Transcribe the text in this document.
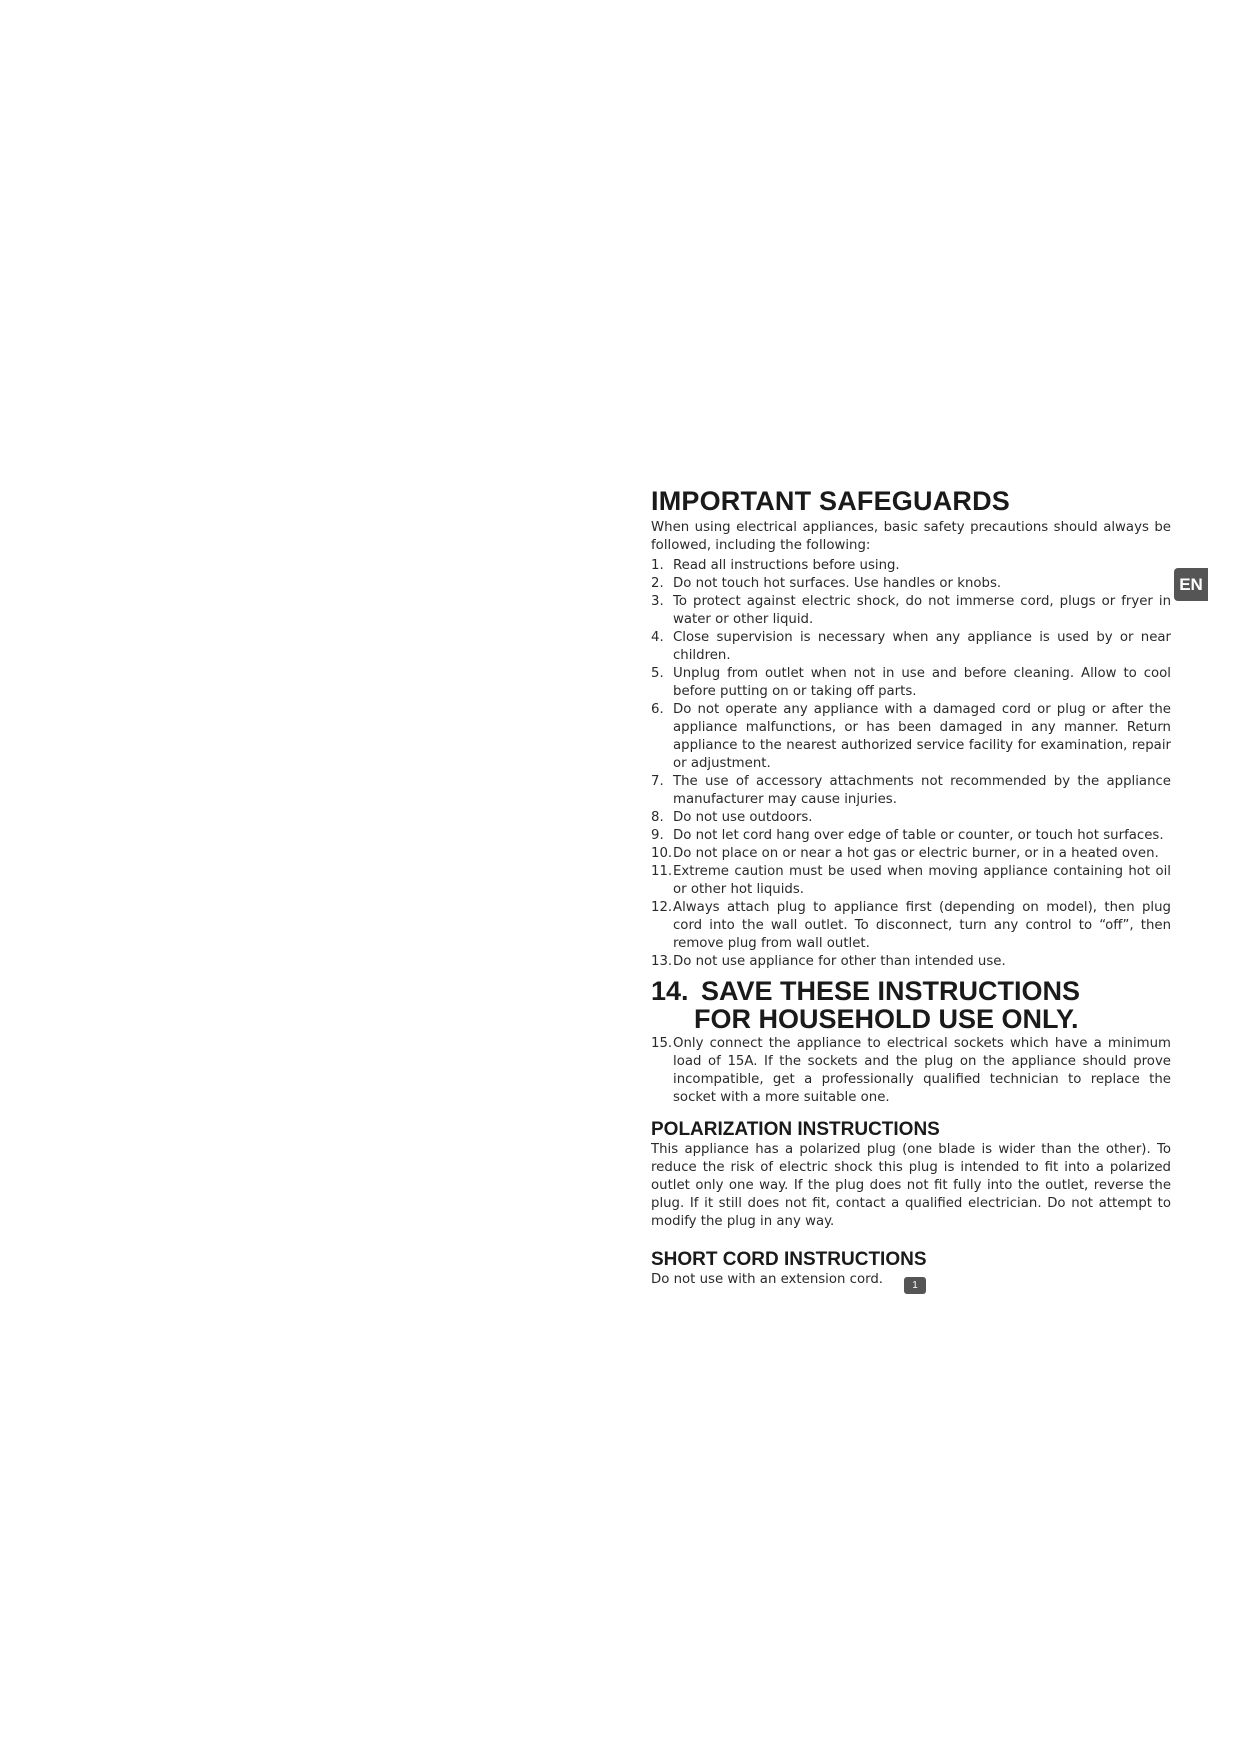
IMPORTANT SAFEGUARDS

When using electrical appliances, basic safety precautions should always be followed, including the following:

1. Read all instructions before using.
2. Do not touch hot surfaces. Use handles or knobs.
3. To protect against electric shock, do not immerse cord, plugs or fryer in water or other liquid.
4. Close supervision is necessary when any appliance is used by or near children.
5. Unplug from outlet when not in use and before cleaning. Allow to cool before putting on or taking off parts.
6. Do not operate any appliance with a damaged cord or plug or after the appliance malfunctions, or has been damaged in any manner. Return appliance to the nearest authorized service facility for examination, repair or adjustment.
7. The use of accessory attachments not recommended by the appliance manufacturer may cause injuries.
8. Do not use outdoors.
9. Do not let cord hang over edge of table or counter, or touch hot surfaces.
10. Do not place on or near a hot gas or electric burner, or in a heated oven.
11. Extreme caution must be used when moving appliance containing hot oil or other hot liquids.
12. Always attach plug to appliance first (depending on model), then plug cord into the wall outlet. To disconnect, turn any control to “off”, then remove plug from wall outlet.
13. Do not use appliance for other than intended use.
14. SAVE THESE INSTRUCTIONS
FOR HOUSEHOLD USE ONLY.
15. Only connect the appliance to electrical sockets which have a minimum load of 15A. If the sockets and the plug on the appliance should prove incompatible, get a professionally qualified technician to replace the socket with a more suitable one.
POLARIZATION INSTRUCTIONS

This appliance has a polarized plug (one blade is wider than the other). To reduce the risk of electric shock this plug is intended to fit into a polarized outlet only one way. If the plug does not fit fully into the outlet, reverse the plug. If it still does not fit, contact a qualified electrician. Do not attempt to modify the plug in any way.

SHORT CORD INSTRUCTIONS

Do not use with an extension cord.

EN
1
